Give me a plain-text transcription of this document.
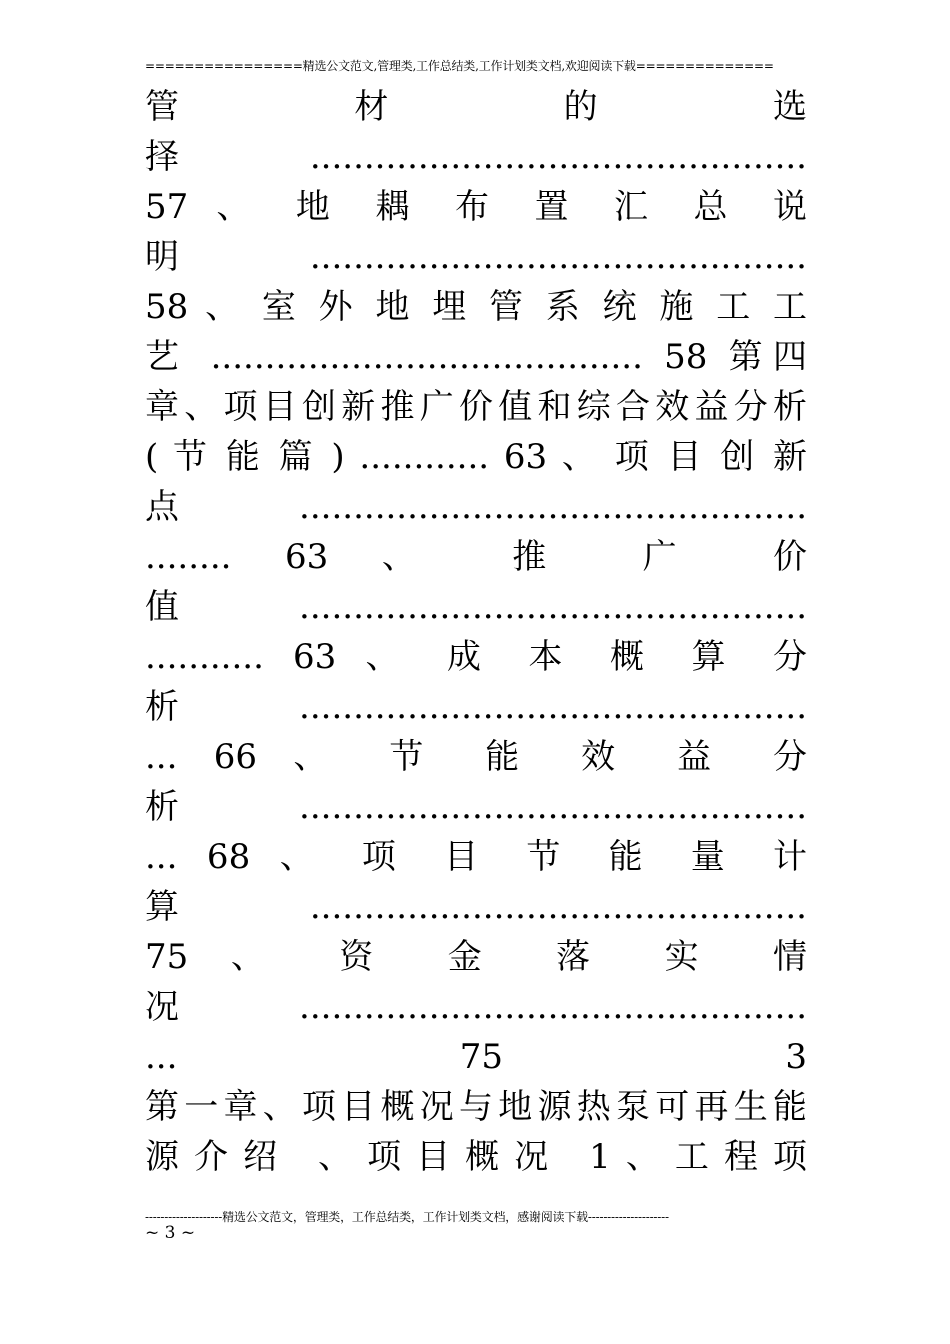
================精选公文范文,管理类,工作总结类,工作计划类文档,欢迎阅读下载==============
管 材 的 选
择 ..............................................
57 、 地 耦 布 置 汇 总 说
明 ..............................................
58 、 室 外 地 埋 管 系 统 施 工 工
艺 ........................................ 58 第四
章、项目创新推广价值和综合效益分析
( 节 能 篇 ) ............ 63 、 项 目 创 新
点 ...............................................
........ 63 、 推 广 价
值 ...............................................
........... 63 、 成 本 概 算 分
析 ...............................................
... 66 、 节 能 效 益 分
析 ...............................................
... 68 、 项 目 节 能 量 计
算 ..............................................
75 、 资 金 落 实 情
况 ...............................................
... 75 3
第一章、项目概况与地源热泵可再生能
源介绍 、项目概况 1、工程项
--------------------精选公文范文，管理类，工作总结类，工作计划类文档，感谢阅读下载---------------------
~ 3 ~
